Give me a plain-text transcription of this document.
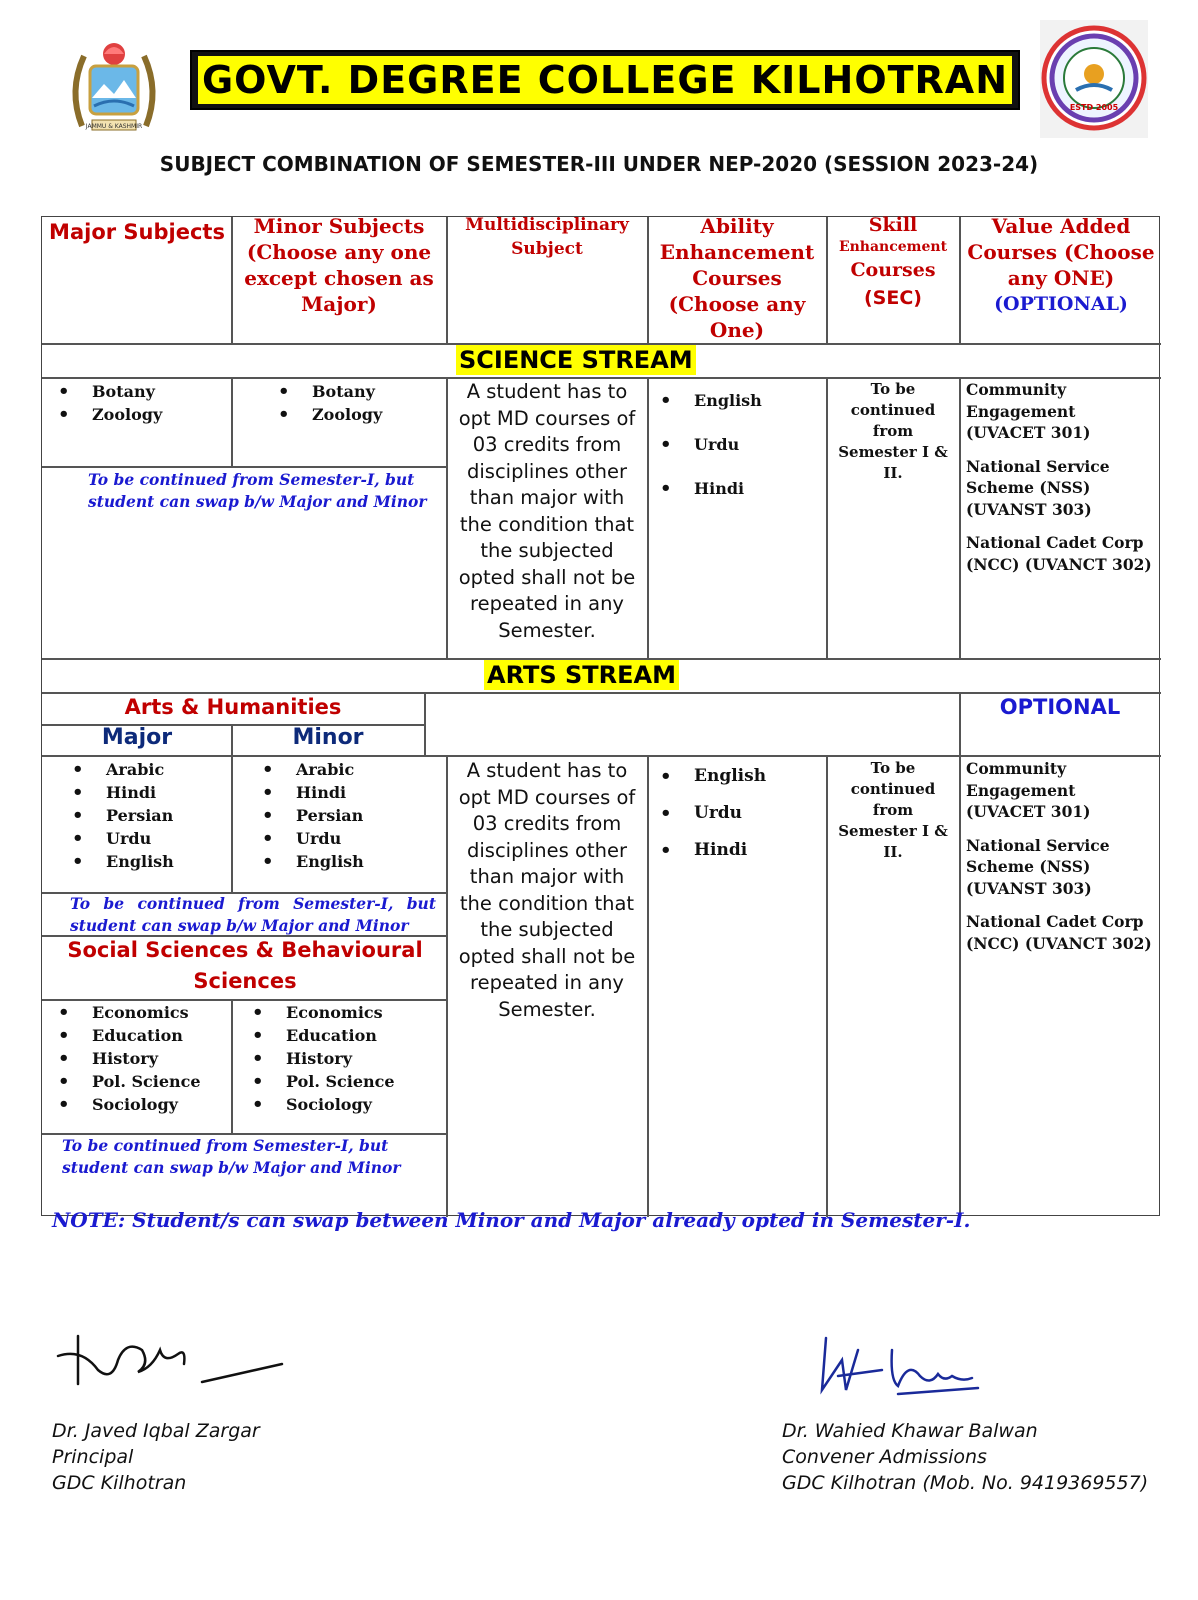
JAMMU & KASHMIR
GOVT. DEGREE COLLEGE KILHOTRAN
ESTD 2005
SUBJECT COMBINATION OF SEMESTER-III UNDER NEP-2020 (SESSION 2023-24)
Major Subjects	Minor Subjects (Choose any one except chosen as Major)
Multidisciplinary Subject
Ability Enhancement Courses (Choose any One)
Skill
Enhancement
Courses
(SEC)
Value Added Courses (Choose any ONE)
(OPTIONAL)
SCIENCE STREAM
• Botany
• Zoology
• Botany
• Zoology
To be continued from Semester-I, but student can swap b/w Major and Minor
A student has to opt MD courses of 03 credits from disciplines other than major with the condition that the subjected opted shall not be repeated in any Semester.
• English
• Urdu
• Hindi
To be continued from Semester I & II.

Community Engagement (UVACET 301)

National Service Scheme (NSS) (UVANST 303)

National Cadet Corp (NCC) (UVANCT 302)

ARTS STREAM
Arts & Humanities
Major	Minor
OPTIONAL
• Arabic
• Hindi
• Persian
• Urdu
• English
• Arabic
• Hindi
• Persian
• Urdu
• English
To be continued from Semester-I, but student can swap b/w Major and Minor
Social Sciences & Behavioural Sciences
• Economics
• Education
• History
• Pol. Science
• Sociology
• Economics
• Education
• History
• Pol. Science
• Sociology
To be continued from Semester-I, but student can swap b/w Major and Minor
A student has to opt MD courses of 03 credits from disciplines other than major with the condition that the subjected opted shall not be repeated in any Semester.
• English
• Urdu
• Hindi
To be continued from Semester I & II.

Community Engagement (UVACET 301)

National Service Scheme (NSS) (UVANST 303)

National Cadet Corp (NCC) (UVANCT 302)

NOTE: Student/s can swap between Minor and Major already opted in Semester-I.
Dr. Javed Iqbal Zargar
Principal
GDC Kilhotran
Dr. Wahied Khawar Balwan
Convener Admissions
GDC Kilhotran (Mob. No. 9419369557)
